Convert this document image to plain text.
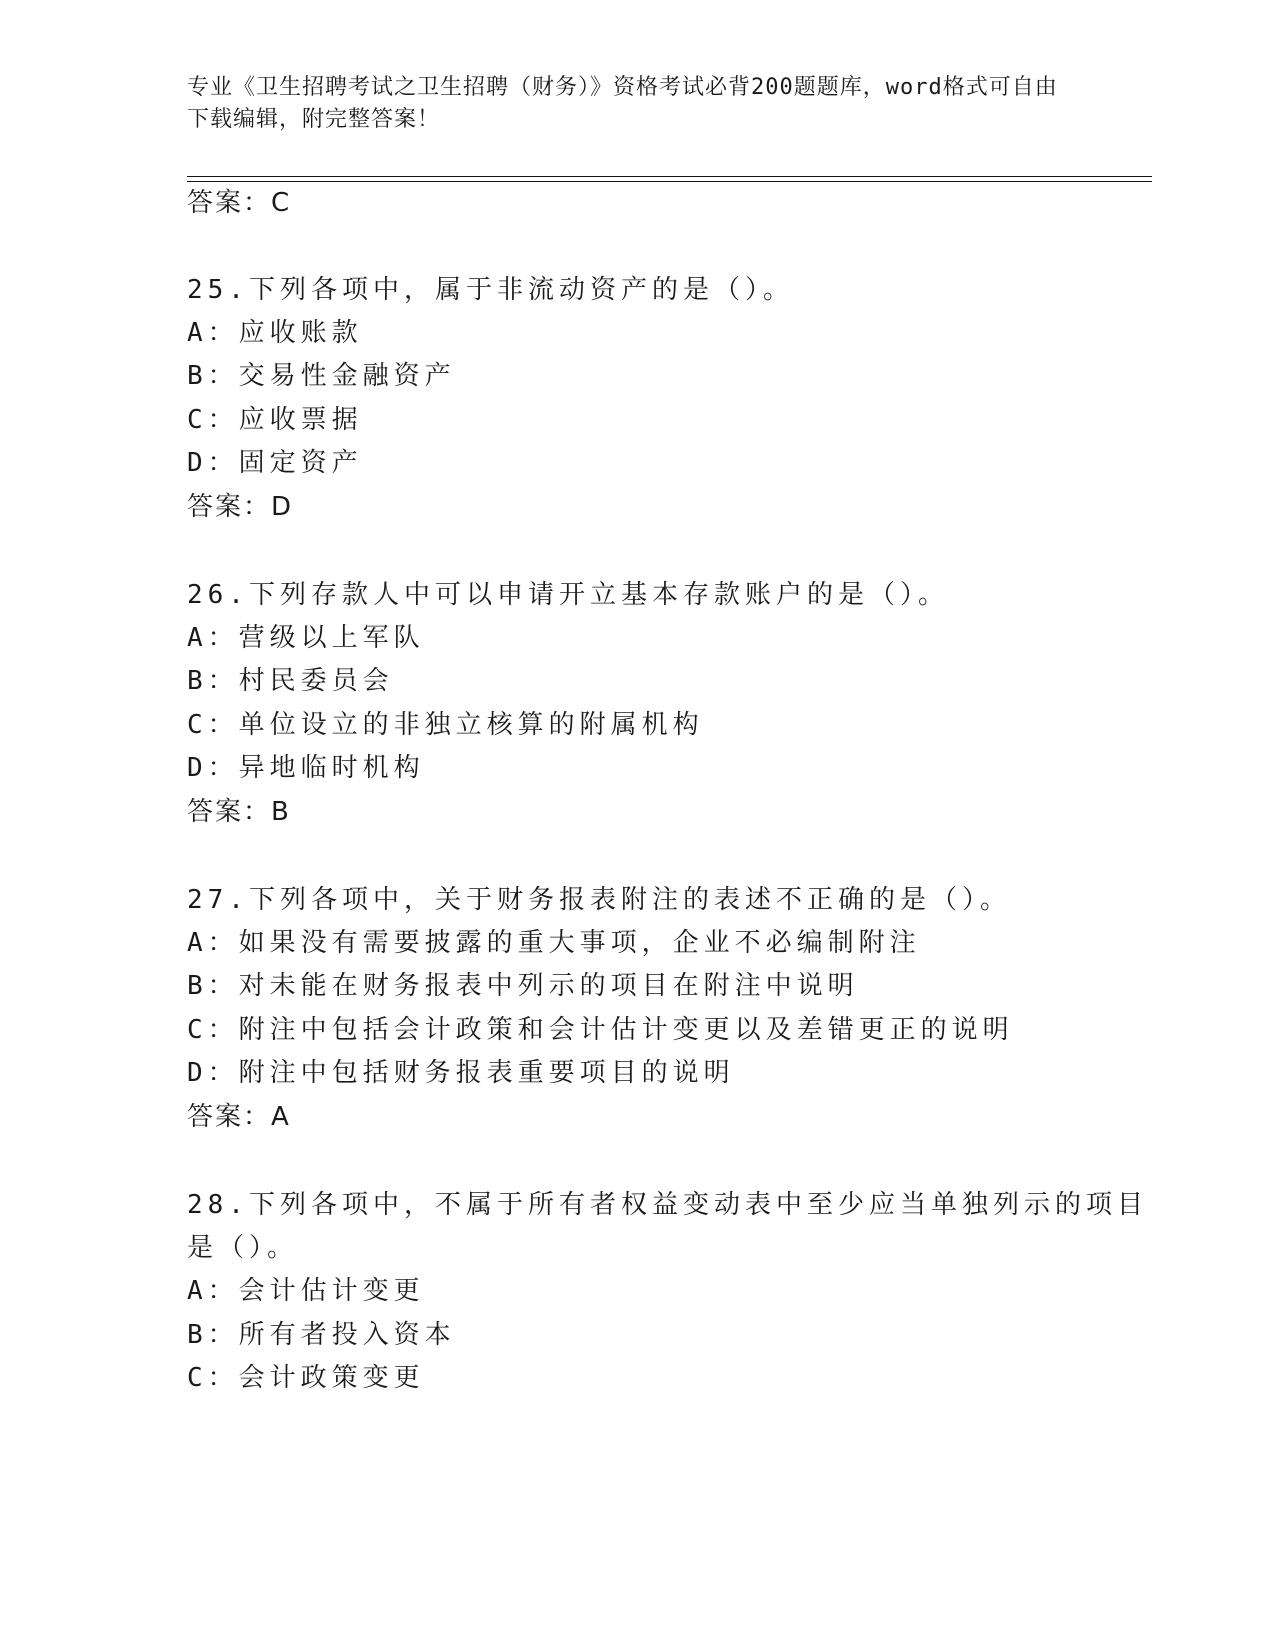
专业《卫生招聘考试之卫生招聘（财务）》资格考试必背200题题库，word格式可自由下载编辑，附完整答案！
答案：C
25.下列各项中，属于非流动资产的是（）。
A：应收账款
B：交易性金融资产
C：应收票据
D：固定资产
答案：D
26.下列存款人中可以申请开立基本存款账户的是（）。
A：营级以上军队
B：村民委员会
C：单位设立的非独立核算的附属机构
D：异地临时机构
答案：B
27.下列各项中，关于财务报表附注的表述不正确的是（）。
A：如果没有需要披露的重大事项，企业不必编制附注
B：对未能在财务报表中列示的项目在附注中说明
C：附注中包括会计政策和会计估计变更以及差错更正的说明
D：附注中包括财务报表重要项目的说明
答案：A
28.下列各项中，不属于所有者权益变动表中至少应当单独列示的项目
是（）。
A：会计估计变更
B：所有者投入资本
C：会计政策变更
